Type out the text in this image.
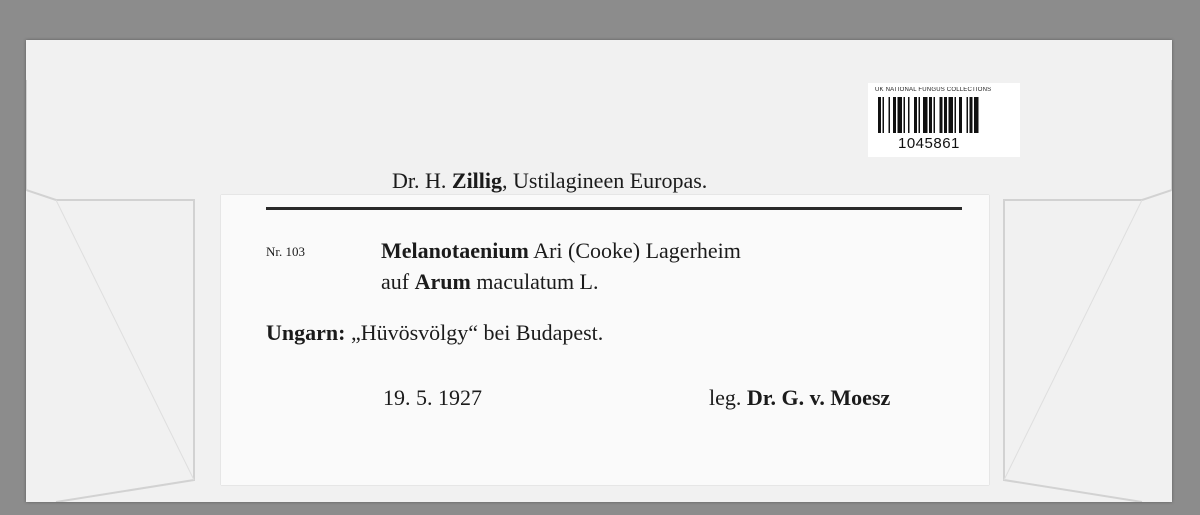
UK NATIONAL FUNGUS COLLECTIONS
1045861
Dr. H. Zillig, Ustilagineen Europas.
Nr. 103	Melanotaenium Ari (Cooke) Lagerheim
auf Arum maculatum L.
Ungarn: „Hüvösvölgy“ bei Budapest.
19. 5. 1927	leg. Dr. G. v. Moesz
